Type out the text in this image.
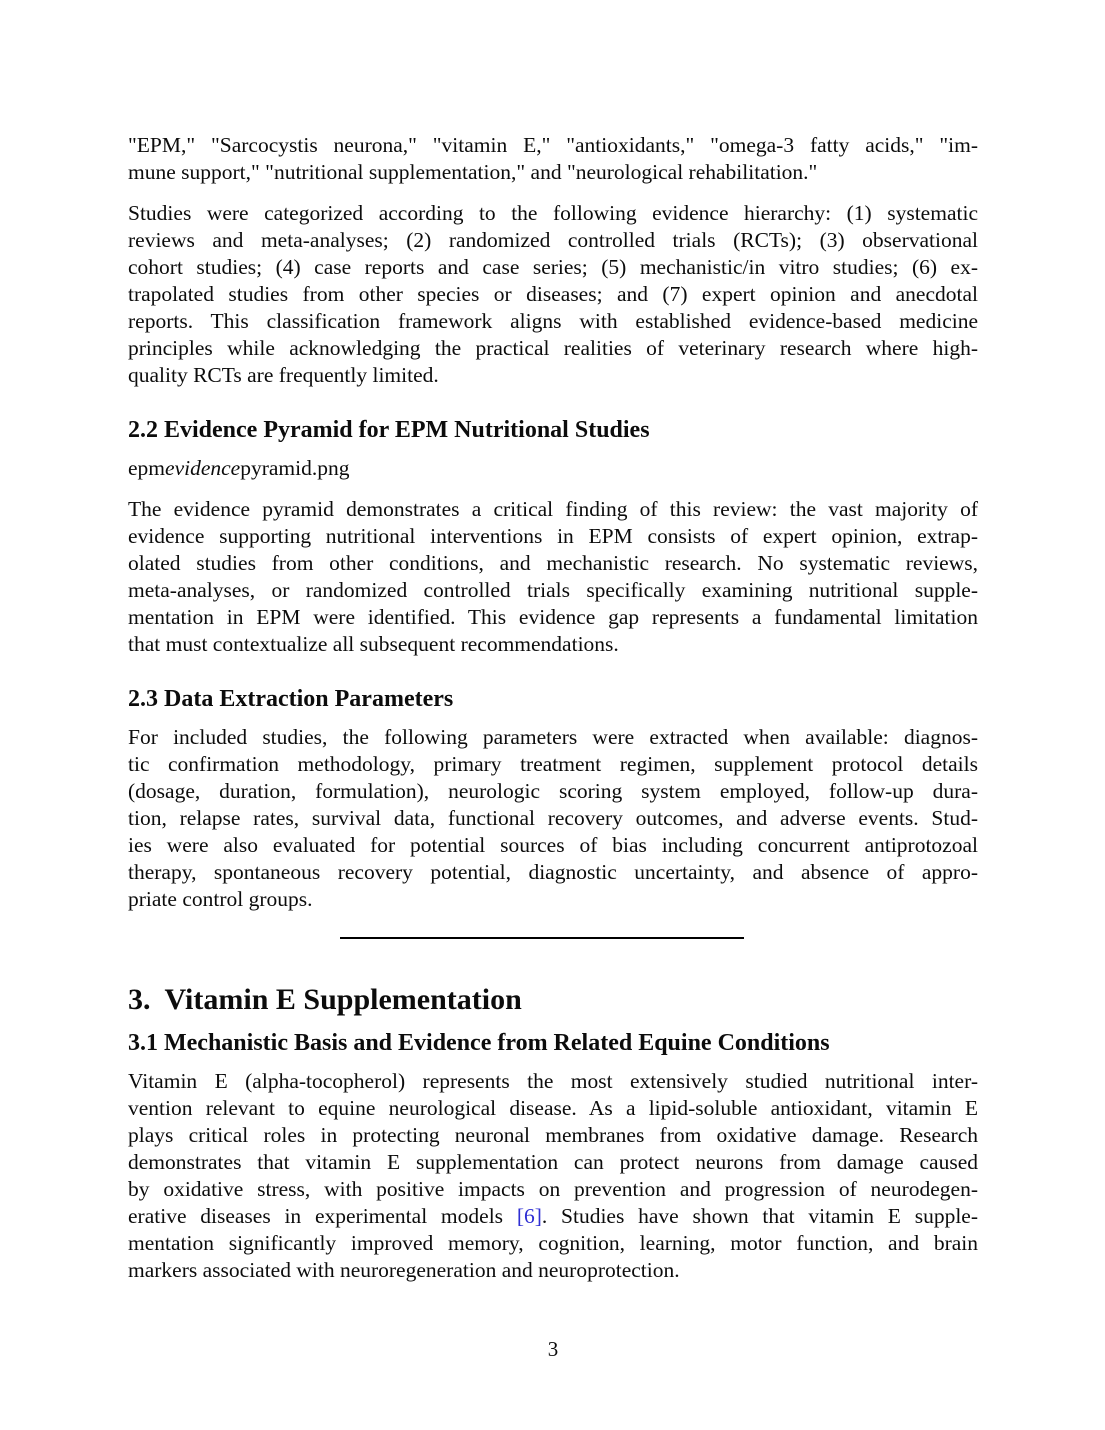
"EPM," "Sarcocystis neurona," "vitamin E," "antioxidants," "omega-3 fatty acids," "im-
mune support," "nutritional supplementation," and "neurological rehabilitation."
Studies were categorized according to the following evidence hierarchy: (1) systematic
reviews and meta-analyses; (2) randomized controlled trials (RCTs); (3) observational
cohort studies; (4) case reports and case series; (5) mechanistic/in vitro studies; (6) ex-
trapolated studies from other species or diseases; and (7) expert opinion and anecdotal
reports. This classification framework aligns with established evidence-based medicine
principles while acknowledging the practical realities of veterinary research where high-
quality RCTs are frequently limited.
2.2 Evidence Pyramid for EPM Nutritional Studies
epmevidencepyramid.png
The evidence pyramid demonstrates a critical finding of this review: the vast majority of
evidence supporting nutritional interventions in EPM consists of expert opinion, extrap-
olated studies from other conditions, and mechanistic research. No systematic reviews,
meta-analyses, or randomized controlled trials specifically examining nutritional supple-
mentation in EPM were identified. This evidence gap represents a fundamental limitation
that must contextualize all subsequent recommendations.
2.3 Data Extraction Parameters
For included studies, the following parameters were extracted when available: diagnos-
tic confirmation methodology, primary treatment regimen, supplement protocol details
(dosage, duration, formulation), neurologic scoring system employed, follow-up dura-
tion, relapse rates, survival data, functional recovery outcomes, and adverse events. Stud-
ies were also evaluated for potential sources of bias including concurrent antiprotozoal
therapy, spontaneous recovery potential, diagnostic uncertainty, and absence of appro-
priate control groups.
3. Vitamin E Supplementation
3.1 Mechanistic Basis and Evidence from Related Equine Conditions
Vitamin E (alpha-tocopherol) represents the most extensively studied nutritional inter-
vention relevant to equine neurological disease. As a lipid-soluble antioxidant, vitamin E
plays critical roles in protecting neuronal membranes from oxidative damage. Research
demonstrates that vitamin E supplementation can protect neurons from damage caused
by oxidative stress, with positive impacts on prevention and progression of neurodegen-
erative diseases in experimental models [6]. Studies have shown that vitamin E supple-
mentation significantly improved memory, cognition, learning, motor function, and brain
markers associated with neuroregeneration and neuroprotection.
3
